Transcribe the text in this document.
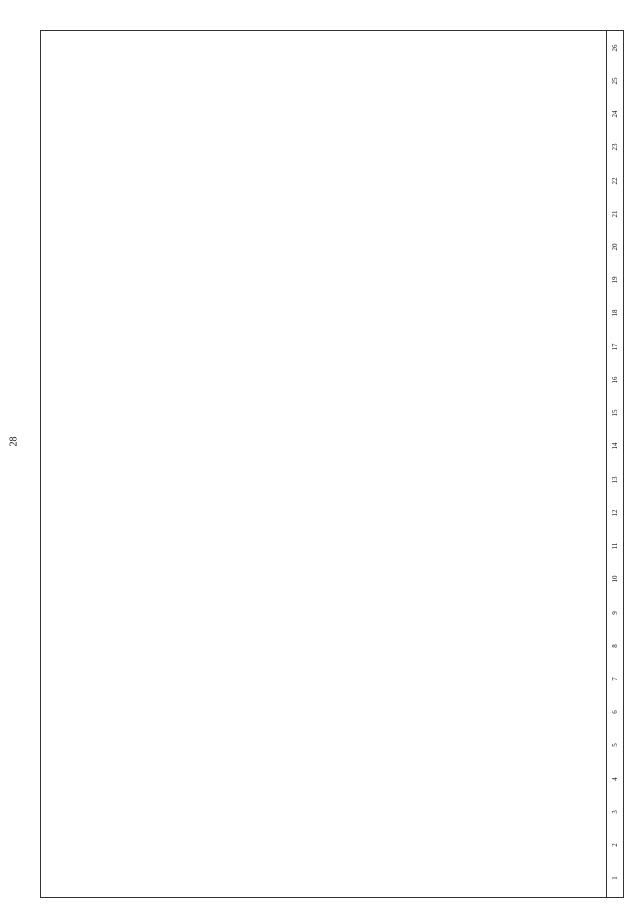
28
1
2
3
4
5
6
7
8
9
10
11
12
13
14
15
16
17
18
19
20
21
22
23
24
25
26
